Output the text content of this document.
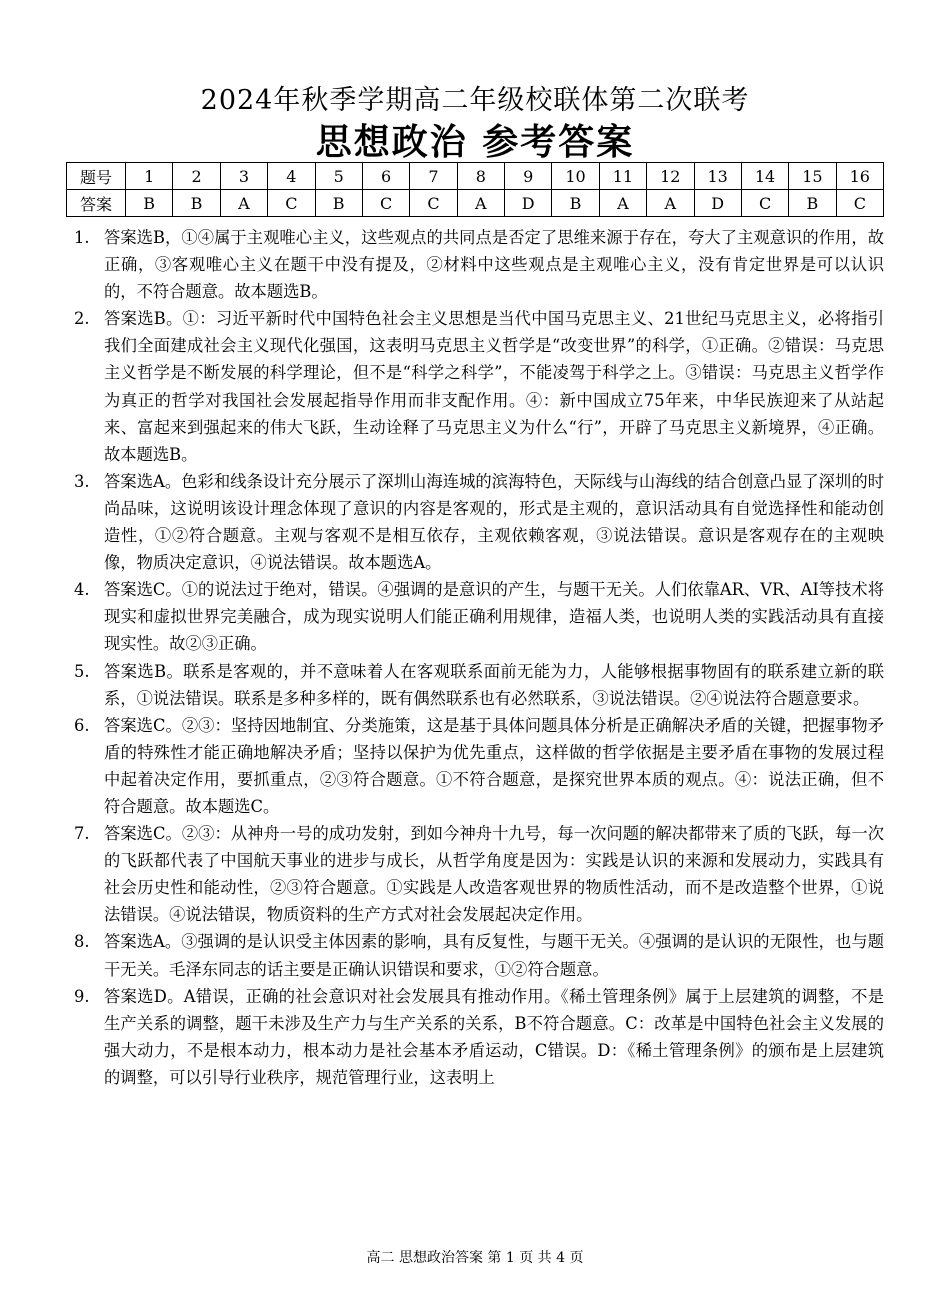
2024年秋季学期高二年级校联体第二次联考
思想政治 参考答案
题号	1	2	3	4	5	6	7	8	9	10	11	12	13	14	15	16
答案	B	B	A	C	B	C	C	A	D	B	A	A	D	C	B	C
1. 答案选B，①④属于主观唯心主义，这些观点的共同点是否定了思维来源于存在，夸大了主观意识的作用，故正确，③客观唯心主义在题干中没有提及，②材料中这些观点是主观唯心主义，没有肯定世界是可以认识的，不符合题意。故本题选B。
2. 答案选B。①：习近平新时代中国特色社会主义思想是当代中国马克思主义、21世纪马克思主义，必将指引我们全面建成社会主义现代化强国，这表明马克思主义哲学是“改变世界”的科学，①正确。②错误：马克思主义哲学是不断发展的科学理论，但不是“科学之科学”，不能凌驾于科学之上。③错误：马克思主义哲学作为真正的哲学对我国社会发展起指导作用而非支配作用。④：新中国成立75年来，中华民族迎来了从站起来、富起来到强起来的伟大飞跃，生动诠释了马克思主义为什么“行”，开辟了马克思主义新境界，④正确。故本题选B。
3. 答案选A。色彩和线条设计充分展示了深圳山海连城的滨海特色，天际线与山海线的结合创意凸显了深圳的时尚品味，这说明该设计理念体现了意识的内容是客观的，形式是主观的，意识活动具有自觉选择性和能动创造性，①②符合题意。主观与客观不是相互依存，主观依赖客观，③说法错误。意识是客观存在的主观映像，物质决定意识，④说法错误。故本题选A。
4. 答案选C。①的说法过于绝对，错误。④强调的是意识的产生，与题干无关。人们依靠AR、VR、AI等技术将现实和虚拟世界完美融合，成为现实说明人们能正确利用规律，造福人类，也说明人类的实践活动具有直接现实性。故②③正确。
5. 答案选B。联系是客观的，并不意味着人在客观联系面前无能为力，人能够根据事物固有的联系建立新的联系，①说法错误。联系是多种多样的，既有偶然联系也有必然联系，③说法错误。②④说法符合题意要求。
6. 答案选C。②③：坚持因地制宜、分类施策，这是基于具体问题具体分析是正确解决矛盾的关键，把握事物矛盾的特殊性才能正确地解决矛盾；坚持以保护为优先重点，这样做的哲学依据是主要矛盾在事物的发展过程中起着决定作用，要抓重点，②③符合题意。①不符合题意，是探究世界本质的观点。④：说法正确，但不符合题意。故本题选C。
7. 答案选C。②③：从神舟一号的成功发射，到如今神舟十九号，每一次问题的解决都带来了质的飞跃，每一次的飞跃都代表了中国航天事业的进步与成长，从哲学角度是因为：实践是认识的来源和发展动力，实践具有社会历史性和能动性，②③符合题意。①实践是人改造客观世界的物质性活动，而不是改造整个世界，①说法错误。④说法错误，物质资料的生产方式对社会发展起决定作用。
8. 答案选A。③强调的是认识受主体因素的影响，具有反复性，与题干无关。④强调的是认识的无限性，也与题干无关。毛泽东同志的话主要是正确认识错误和要求，①②符合题意。
9. 答案选D。A错误，正确的社会意识对社会发展具有推动作用。《稀土管理条例》属于上层建筑的调整，不是生产关系的调整，题干未涉及生产力与生产关系的关系，B不符合题意。C：改革是中国特色社会主义发展的强大动力，不是根本动力，根本动力是社会基本矛盾运动，C错误。D：《稀土管理条例》的颁布是上层建筑的调整，可以引导行业秩序，规范管理行业，这表明上
高二 思想政治答案 第 1 页 共 4 页
